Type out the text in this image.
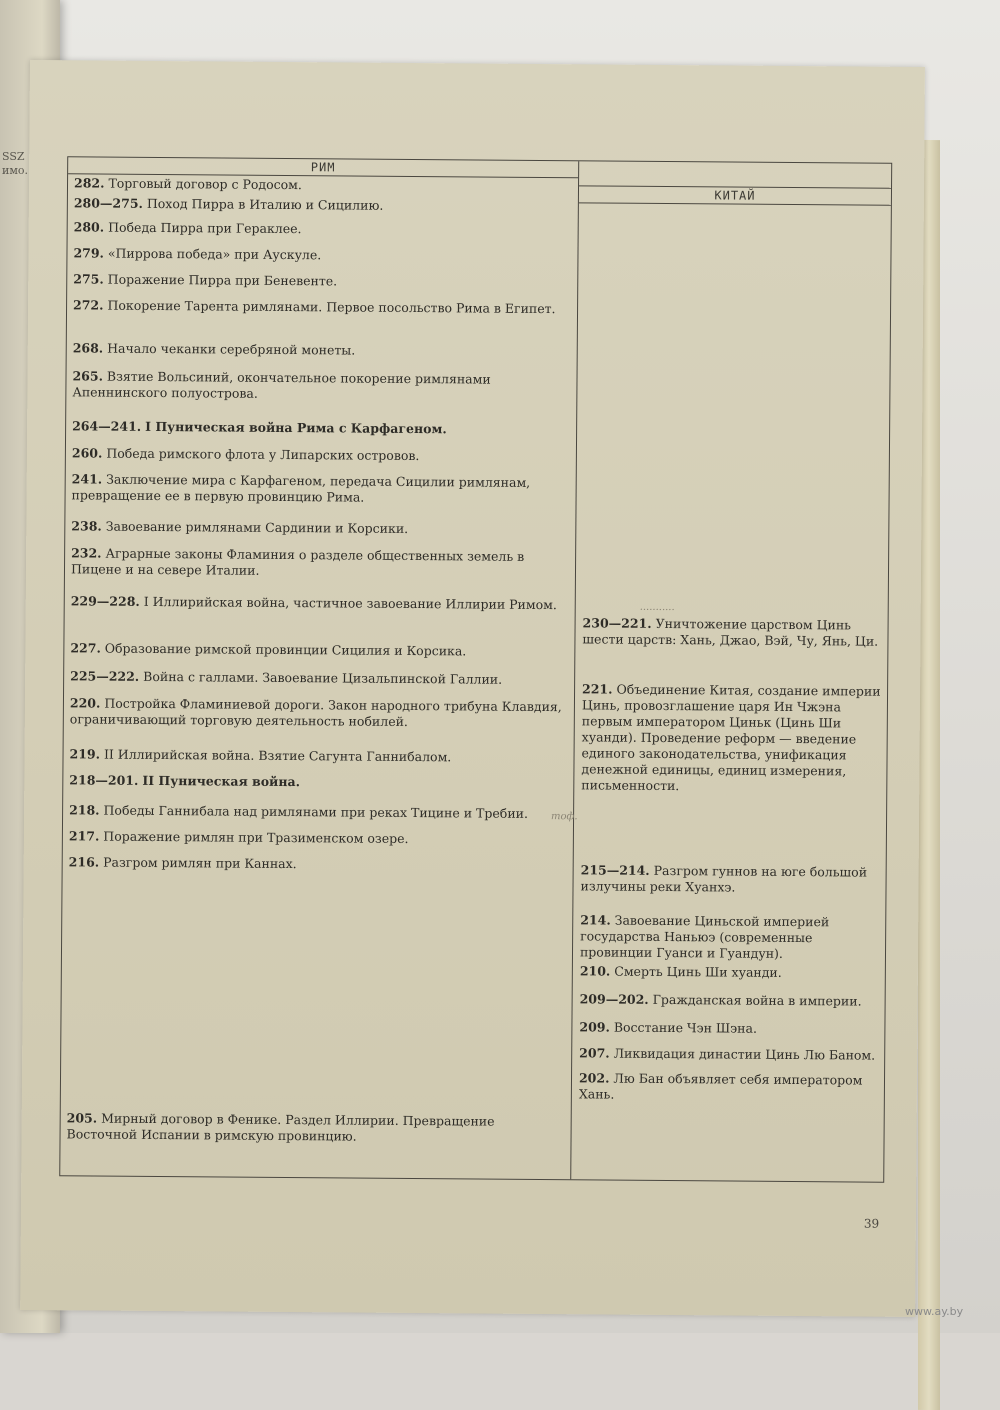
SSZ
имо.	РИМ
КИТАЙ

282. Торговый договор с Родосом.

280—275. Поход Пирра в Италию и Сицилию.

280. Победа Пирра при Гераклее.

279. «Пиррова победа» при Аускуле.

275. Поражение Пирра при Беневенте.

272. Покорение Тарента римлянами. Первое посольство Рима в Египет.

268. Начало чеканки серебряной монеты.

265. Взятие Вольсиний, окончательное покорение римлянами Апеннинского полуострова.

264—241. I Пуническая война Рима с Карфагеном.

260. Победа римского флота у Липарских островов.

241. Заключение мира с Карфагеном, передача Сицилии римлянам, превращение ее в первую провинцию Рима.

238. Завоевание римлянами Сардинии и Корсики.

232. Аграрные законы Фламиния о разделе общественных земель в Пицене и на севере Италии.

229—228. I Иллирийская война, частичное завоевание Иллирии Римом.

227. Образование римской провинции Сицилия и Корсика.

225—222. Война с галлами. Завоевание Цизальпинской Галлии.

220. Постройка Фламиниевой дороги. Закон народного трибуна Клавдия, ограничивающий торговую деятельность нобилей.

219. II Иллирийская война. Взятие Сагунта Ганнибалом.

218—201. II Пуническая война.

218. Победы Ганнибала над римлянами при реках Тицине и Требии.

217. Поражение римлян при Тразименском озере.

216. Разгром римлян при Каннах.

205. Мирный договор в Фенике. Раздел Иллирии. Превращение Восточной Испании в римскую провинцию.

230—221. Уничтожение царством Цинь шести царств: Хань, Джао, Вэй, Чу, Янь, Ци.

221. Объединение Китая, создание империи Цинь, провозглашение царя Ин Чжэна первым императором Циньк (Цинь Ши хуанди). Проведение реформ — введение единого законодательства, унификация денежной единицы, единиц измерения, письменности.

215—214. Разгром гуннов на юге большой излучины реки Хуанхэ.

214. Завоевание Циньской империей государства Наньюэ (современные провинции Гуанси и Гуандун).

210. Смерть Цинь Ши хуанди.

209—202. Гражданская война в империи.

209. Восстание Чэн Шэна.

207. Ликвидация династии Цинь Лю Баном.

202. Лю Бан объявляет себя императором Хань.

тоф.
...........
39
www.ay.by
